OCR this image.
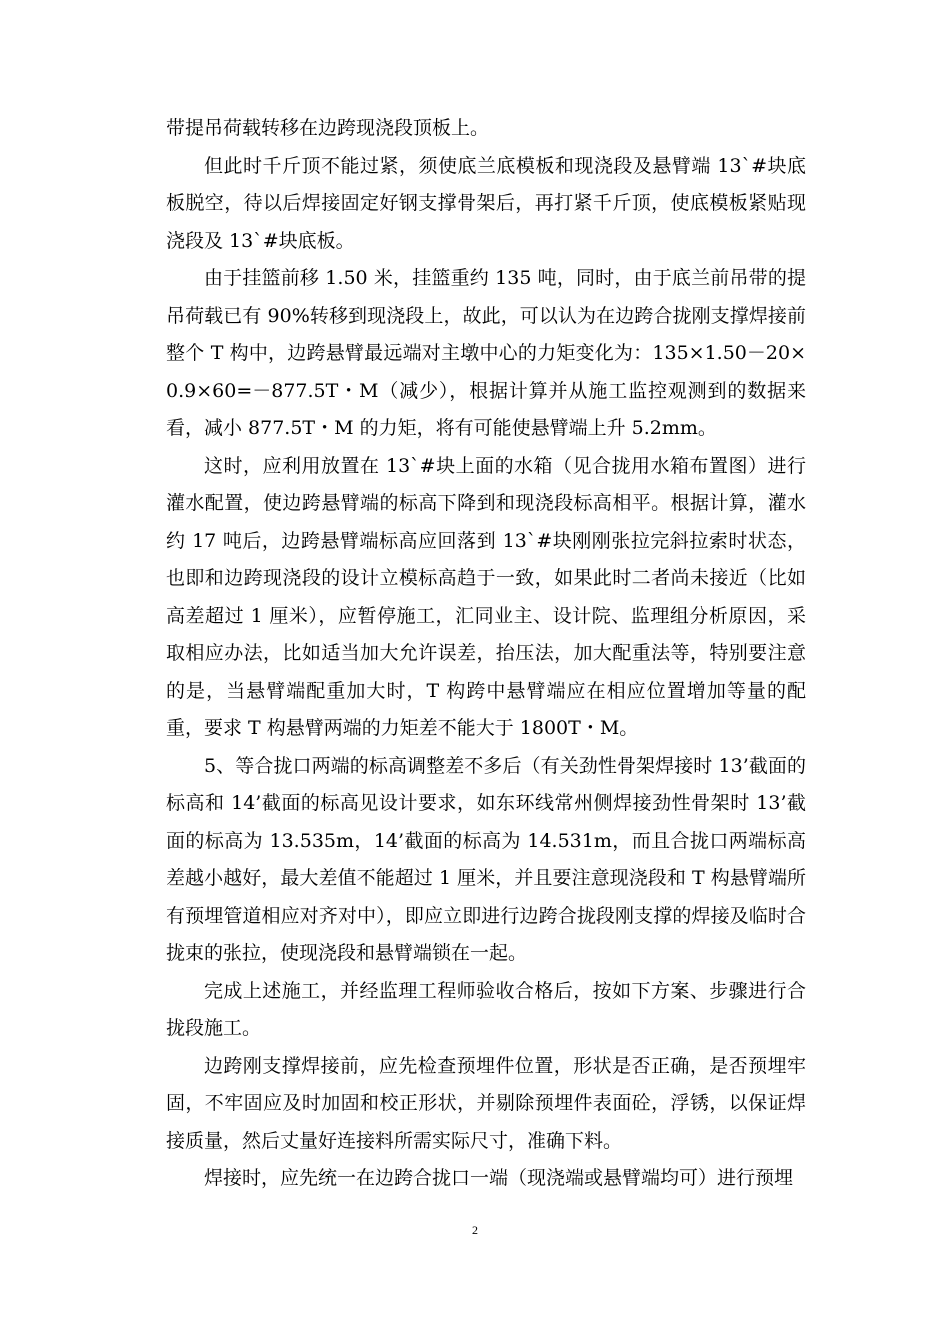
带提吊荷载转移在边跨现浇段顶板上。

但此时千斤顶不能过紧，须使底兰底模板和现浇段及悬臂端 13`#块底板脱空，待以后焊接固定好钢支撑骨架后，再打紧千斤顶，使底模板紧贴现浇段及 13`#块底板。

由于挂篮前移 1.50 米，挂篮重约 135 吨，同时，由于底兰前吊带的提吊荷载已有 90%转移到现浇段上，故此，可以认为在边跨合拢刚支撑焊接前整个 T 构中，边跨悬臂最远端对主墩中心的力矩变化为：135×1.50－20×0.9×60=－877.5T・M（减少），根据计算并从施工监控观测到的数据来看，减小 877.5T・M 的力矩，将有可能使悬臂端上升 5.2mm。

这时，应利用放置在 13`#块上面的水箱（见合拢用水箱布置图）进行灌水配置，使边跨悬臂端的标高下降到和现浇段标高相平。根据计算，灌水约 17 吨后，边跨悬臂端标高应回落到 13`#块刚刚张拉完斜拉索时状态，也即和边跨现浇段的设计立模标高趋于一致，如果此时二者尚未接近（比如高差超过 1 厘米），应暂停施工，汇同业主、设计院、监理组分析原因，采取相应办法，比如适当加大允许误差，抬压法，加大配重法等，特别要注意的是，当悬臂端配重加大时，T 构跨中悬臂端应在相应位置增加等量的配重，要求 T 构悬臂两端的力矩差不能大于 1800T・M。

5、等合拢口两端的标高调整差不多后（有关劲性骨架焊接时 13’截面的标高和 14’截面的标高见设计要求，如东环线常州侧焊接劲性骨架时 13’截面的标高为 13.535m，14’截面的标高为 14.531m，而且合拢口两端标高差越小越好，最大差值不能超过 1 厘米，并且要注意现浇段和 T 构悬臂端所有预埋管道相应对齐对中），即应立即进行边跨合拢段刚支撑的焊接及临时合拢束的张拉，使现浇段和悬臂端锁在一起。

完成上述施工，并经监理工程师验收合格后，按如下方案、步骤进行合拢段施工。

边跨刚支撑焊接前，应先检查预埋件位置，形状是否正确，是否预埋牢固，不牢固应及时加固和校正形状，并剔除预埋件表面砼，浮锈，以保证焊接质量，然后丈量好连接料所需实际尺寸，准确下料。

焊接时，应先统一在边跨合拢口一端（现浇端或悬臂端均可）进行预埋

2
